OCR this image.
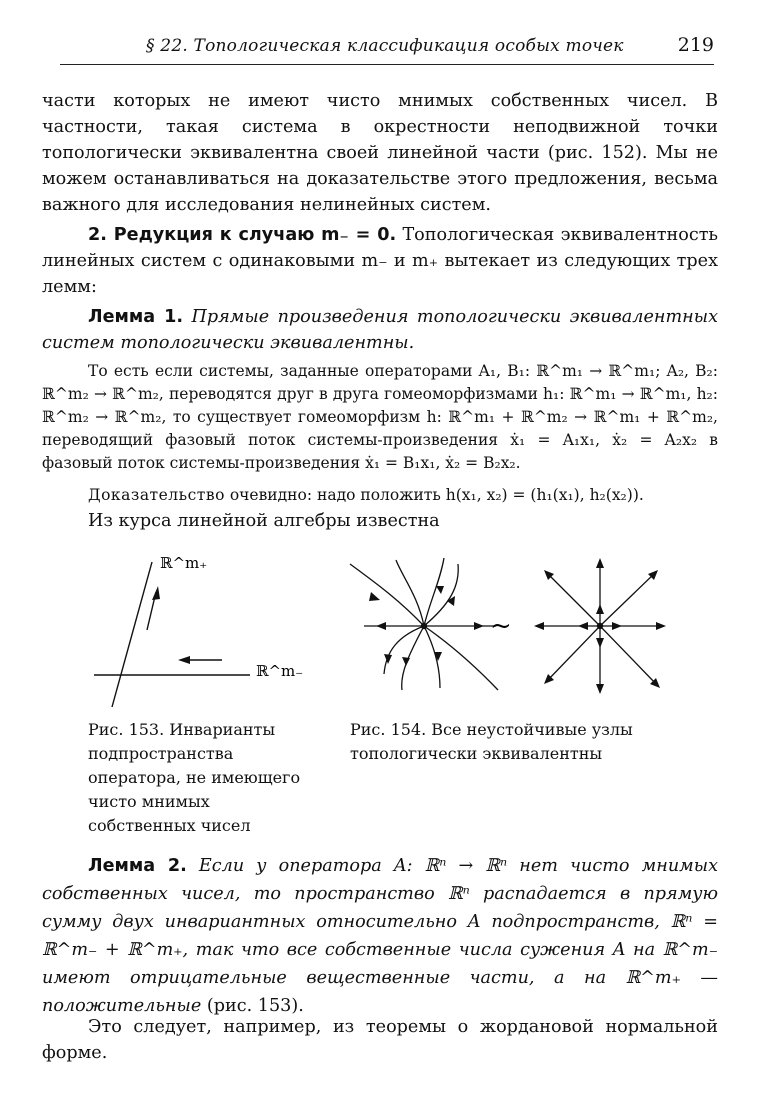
§ 22. Топологическая классификация особых точек	219

части которых не имеют чисто мнимых собственных чисел. В частности, такая система в окрестности неподвижной точки топологически эквивалентна своей линейной части (рис. 152). Мы не можем останавливаться на доказательстве этого предложения, весьма важного для исследования нелинейных систем.

2. Редукция к случаю m₋ = 0. Топологическая эквивалентность линейных систем с одинаковыми m₋ и m₊ вытекает из следующих трех лемм:

Лемма 1. Прямые произведения топологически эквивалентных систем топологически эквивалентны.

То есть если системы, заданные операторами A₁, B₁: ℝ^m₁ → ℝ^m₁; A₂, B₂: ℝ^m₂ → ℝ^m₂, переводятся друг в друга гомеоморфизмами h₁: ℝ^m₁ → ℝ^m₁, h₂: ℝ^m₂ → ℝ^m₂, то существует гомеоморфизм h: ℝ^m₁ + ℝ^m₂ → ℝ^m₁ + ℝ^m₂, переводящий фазовый поток системы-произведения ẋ₁ = A₁x₁, ẋ₂ = A₂x₂ в фазовый поток системы-произведения ẋ₁ = B₁x₁, ẋ₂ = B₂x₂.

Доказательство очевидно: надо положить h(x₁, x₂) = (h₁(x₁), h₂(x₂)).

Из курса линейной алгебры известна

ℝ^m₊
ℝ^m₋
Рис. 153. Инварианты подпространства оператора, не имеющего чисто мнимых собственных чисел
~
Рис. 154. Все неустойчивые узлы топологически эквивалентны

Лемма 2. Если у оператора A: ℝⁿ → ℝⁿ нет чисто мнимых собственных чисел, то пространство ℝⁿ распадается в прямую сумму двух инвариантных относительно A подпространств, ℝⁿ = ℝ^m₋ + ℝ^m₊, так что все собственные числа сужения A на ℝ^m₋ имеют отрицательные вещественные части, а на ℝ^m₊ — положительные (рис. 153).

Это следует, например, из теоремы о жордановой нормальной форме.
